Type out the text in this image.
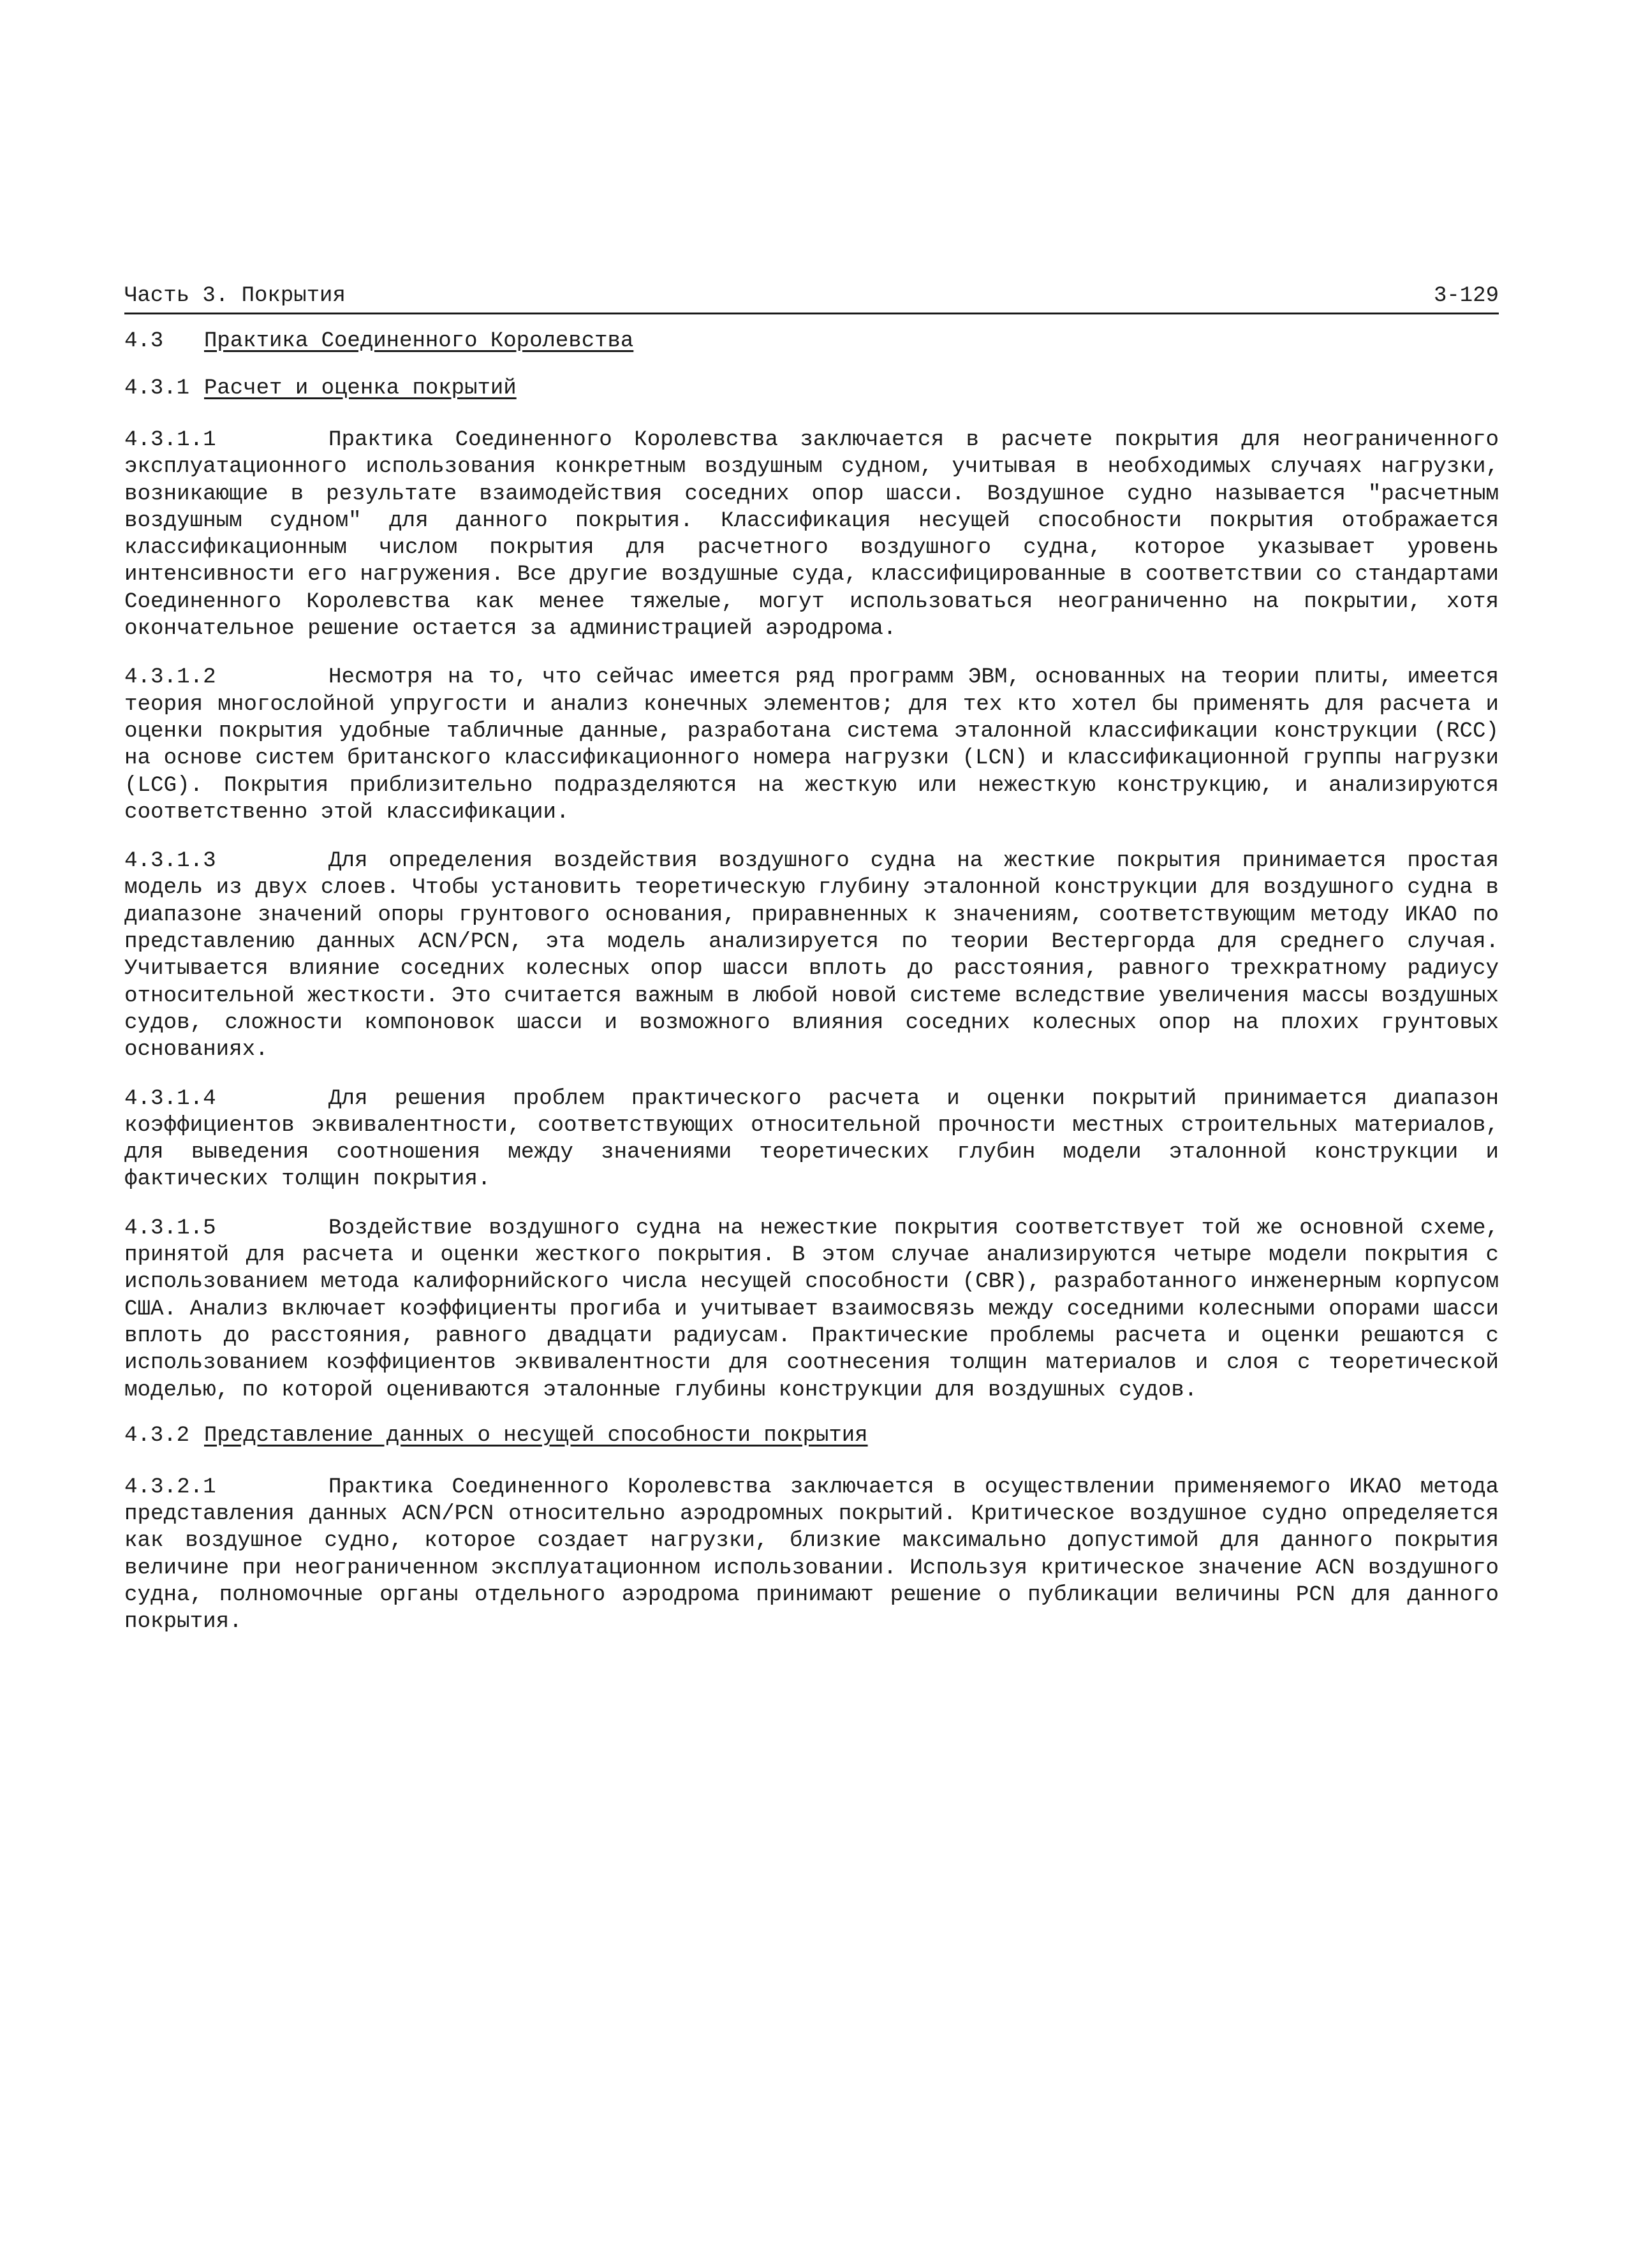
Часть 3. Покрытия	3-129
4.3 Практика Соединенного Королевства
4.3.1 Расчет и оценка покрытий
4.3.1.1	Практика Соединенного Королевства заключается в расчете покрытия для неограниченного эксплуатационного использования конкретным воздушным судном, учитывая в необходимых случаях нагрузки, возникающие в результате взаимодействия соседних опор шасси. Воздушное судно называется "расчетным воздушным судном" для данного покрытия. Классификация несущей способности покрытия отображается классификационным числом покрытия для расчетного воздушного судна, которое указывает уровень интенсивности его нагружения. Все другие воздушные суда, классифицированные в соответствии со стандартами Соединенного Королевства как менее тяжелые, могут использоваться неограниченно на покрытии, хотя окончательное решение остается за администрацией аэродрома.
4.3.1.2	Несмотря на то, что сейчас имеется ряд программ ЭВМ, основанных на теории плиты, имеется теория многослойной упругости и анализ конечных элементов; для тех кто хотел бы применять для расчета и оценки покрытия удобные табличные данные, разработана система эталонной классификации конструкции (RCC) на основе систем британского классификационного номера нагрузки (LCN) и классификационной группы нагрузки (LCG). Покрытия приблизительно подразделяются на жесткую или нежесткую конструкцию, и анализируются соответственно этой классификации.
4.3.1.3	Для определения воздействия воздушного судна на жесткие покрытия принимается простая модель из двух слоев. Чтобы установить теоретическую глубину эталонной конструкции для воздушного судна в диапазоне значений опоры грунтового основания, приравненных к значениям, соответствующим методу ИКАО по представлению данных ACN/PCN, эта модель анализируется по теории Вестергорда для среднего случая. Учитывается влияние соседних колесных опор шасси вплоть до расстояния, равного трехкратному радиусу относительной жесткости. Это считается важным в любой новой системе вследствие увеличения массы воздушных судов, сложности компоновок шасси и возможного влияния соседних колесных опор на плохих грунтовых основаниях.
4.3.1.4	Для решения проблем практического расчета и оценки покрытий принимается диапазон коэффициентов эквивалентности, соответствующих относительной прочности местных строительных материалов, для выведения соотношения между значениями теоретических глубин модели эталонной конструкции и фактических толщин покрытия.
4.3.1.5	Воздействие воздушного судна на нежесткие покрытия соответствует той же основной схеме, принятой для расчета и оценки жесткого покрытия. В этом случае анализируются четыре модели покрытия с использованием метода калифорнийского числа несущей способности (CBR), разработанного инженерным корпусом США. Анализ включает коэффициенты прогиба и учитывает взаимосвязь между соседними колесными опорами шасси вплоть до расстояния, равного двадцати радиусам. Практические проблемы расчета и оценки решаются с использованием коэффициентов эквивалентности для соотнесения толщин материалов и слоя с теоретической моделью, по которой оцениваются эталонные глубины конструкции для воздушных судов.
4.3.2 Представление данных о несущей способности покрытия
4.3.2.1	Практика Соединенного Королевства заключается в осуществлении применяемого ИКАО метода представления данных ACN/PCN относительно аэродромных покрытий. Критическое воздушное судно определяется как воздушное судно, которое создает нагрузки, близкие максимально допустимой для данного покрытия величине при неограниченном эксплуатационном использовании. Используя критическое значение ACN воздушного судна, полномочные органы отдельного аэродрома принимают решение о публикации величины PCN для данного покрытия.
